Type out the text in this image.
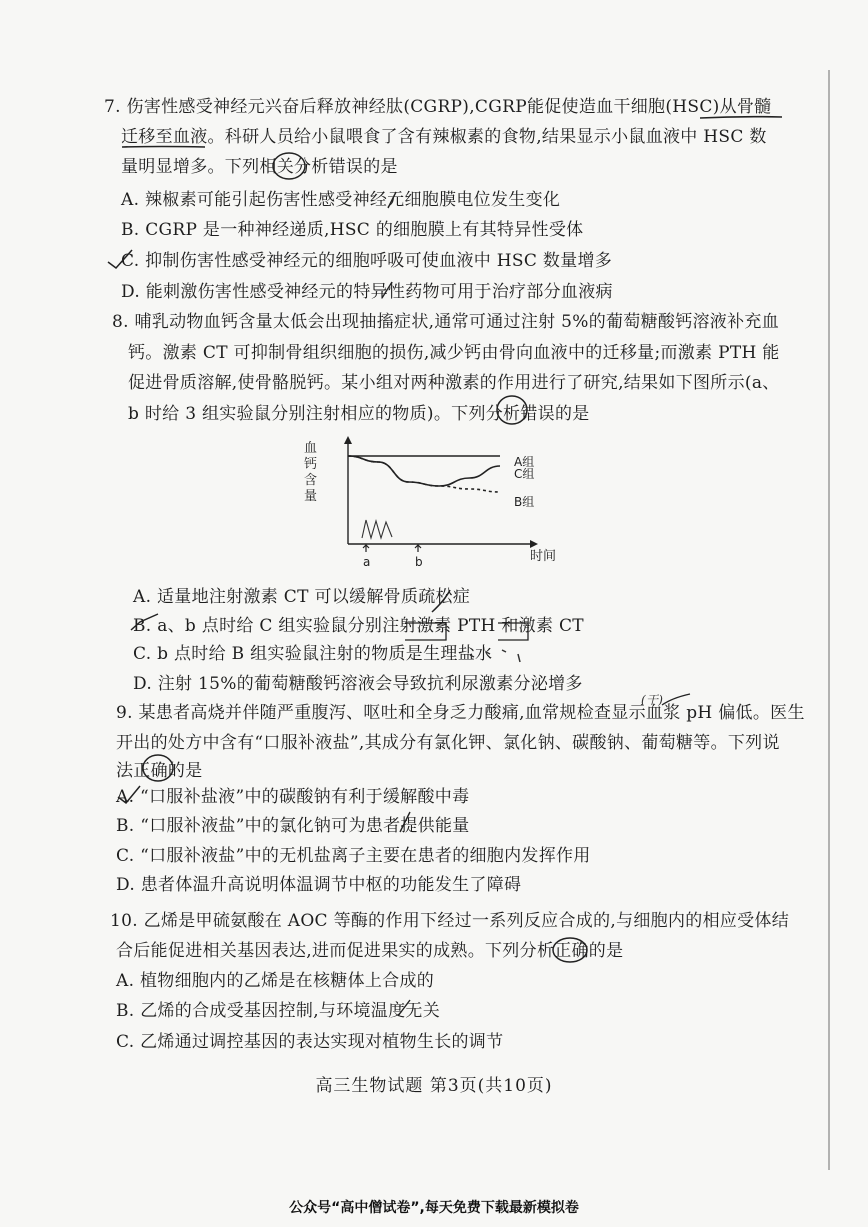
7. 伤害性感受神经元兴奋后释放神经肽(CGRP),CGRP能促使造血干细胞(HSC)从骨髓
迁移至血液。科研人员给小鼠喂食了含有辣椒素的食物,结果显示小鼠血液中 HSC 数
量明显增多。下列相关分析错误的是
A. 辣椒素可能引起伤害性感受神经元细胞膜电位发生变化
B. CGRP 是一种神经递质,HSC 的细胞膜上有其特异性受体
C. 抑制伤害性感受神经元的细胞呼吸可使血液中 HSC 数量增多
D. 能刺激伤害性感受神经元的特异性药物可用于治疗部分血液病
8. 哺乳动物血钙含量太低会出现抽搐症状,通常可通过注射 5%的葡萄糖酸钙溶液补充血
钙。激素 CT 可抑制骨组织细胞的损伤,减少钙由骨向血液中的迁移量;而激素 PTH 能
促进骨质溶解,使骨骼脱钙。某小组对两种激素的作用进行了研究,结果如下图所示(a、
b 时给 3 组实验鼠分别注射相应的物质)。下列分析错误的是
血
钙
含
量
时间
a	b
A组
C组
B组
A. 适量地注射激素 CT 可以缓解骨质疏松症
B. a、b 点时给 C 组实验鼠分别注射激素 PTH 和激素 CT
C. b 点时给 B 组实验鼠注射的物质是生理盐水
D. 注射 15%的葡萄糖酸钙溶液会导致抗利尿激素分泌增多
9. 某患者高烧并伴随严重腹泻、呕吐和全身乏力酸痛,血常规检查显示血浆 pH 偏低。医生
开出的处方中含有“口服补液盐”,其成分有氯化钾、氯化钠、碳酸钠、葡萄糖等。下列说
法正确的是
A. “口服补盐液”中的碳酸钠有利于缓解酸中毒
B. “口服补液盐”中的氯化钠可为患者提供能量
C. “口服补液盐”中的无机盐离子主要在患者的细胞内发挥作用
D. 患者体温升高说明体温调节中枢的功能发生了障碍
(干)
10. 乙烯是甲硫氨酸在 AOC 等酶的作用下经过一系列反应合成的,与细胞内的相应受体结
合后能促进相关基因表达,进而促进果实的成熟。下列分析正确的是
A. 植物细胞内的乙烯是在核糖体上合成的
B. 乙烯的合成受基因控制,与环境温度无关
C. 乙烯通过调控基因的表达实现对植物生长的调节
高三生物试题 第3页(共10页)
公众号“高中僧试卷”,每天免费下载最新模拟卷
